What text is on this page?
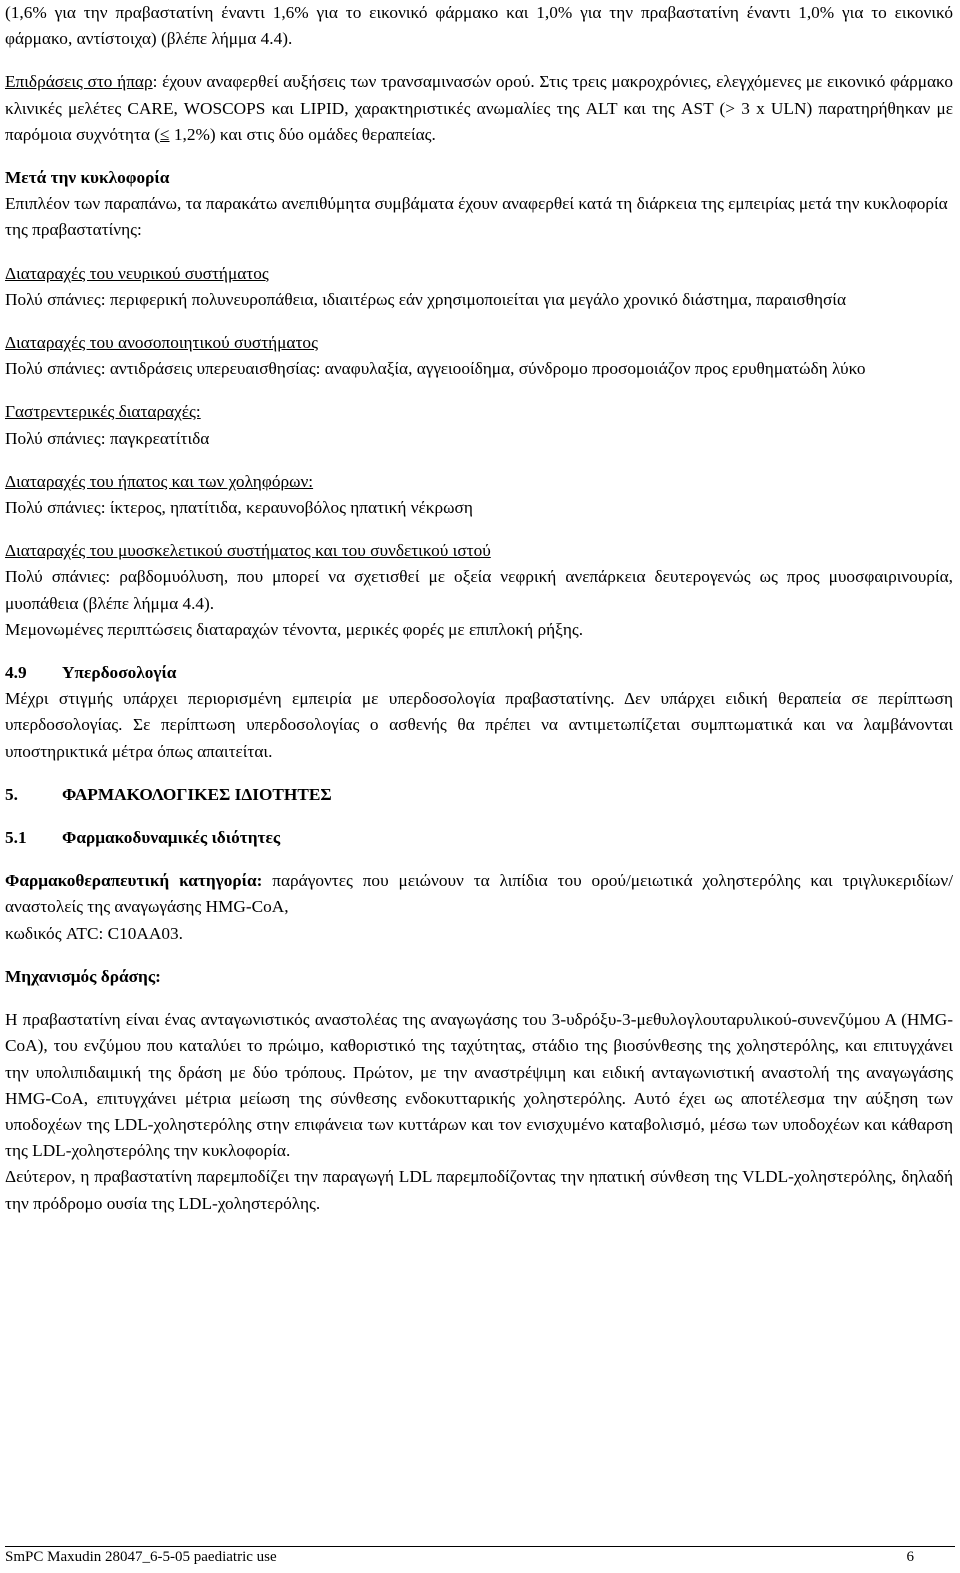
(1,6% για την πραβαστατίνη έναντι 1,6% για το εικονικό φάρμακο και 1,0% για την πραβαστατίνη έναντι 1,0% για το εικονικό φάρμακο, αντίστοιχα) (βλέπε λήμμα 4.4).

Επιδράσεις στο ήπαρ: έχουν αναφερθεί αυξήσεις των τρανσαμινασών ορού. Στις τρεις μακροχρόνιες, ελεγχόμενες με εικονικό φάρμακο κλινικές μελέτες CARE, WOSCOPS και LIPID, χαρακτηριστικές ανωμαλίες της ALT και της AST (> 3 x ULN) παρατηρήθηκαν με παρόμοια συχνότητα (≤ 1,2%) και στις δύο ομάδες θεραπείας.

Μετά την κυκλοφορία

Επιπλέον των παραπάνω, τα παρακάτω ανεπιθύμητα συμβάματα έχουν αναφερθεί κατά τη διάρκεια της εμπειρίας μετά την κυκλοφορία της πραβαστατίνης:

Διαταραχές του νευρικού συστήματος

Πολύ σπάνιες: περιφερική πολυνευροπάθεια, ιδιαιτέρως εάν χρησιμοποιείται για μεγάλο χρονικό διάστημα, παραισθησία

Διαταραχές του ανοσοποιητικού συστήματος

Πολύ σπάνιες: αντιδράσεις υπερευαισθησίας: αναφυλαξία, αγγειοοίδημα, σύνδρομο προσομοιάζον προς ερυθηματώδη λύκο

Γαστρεντερικές διαταραχές:

Πολύ σπάνιες: παγκρεατίτιδα

Διαταραχές του ήπατος και των χοληφόρων:

Πολύ σπάνιες: ίκτερος, ηπατίτιδα, κεραυνοβόλος ηπατική νέκρωση

Διαταραχές του μυοσκελετικού συστήματος και του συνδετικού ιστού

Πολύ σπάνιες: ραβδομυόλυση, που μπορεί να σχετισθεί με οξεία νεφρική ανεπάρκεια δευτερογενώς ως προς μυοσφαιρινουρία, μυοπάθεια (βλέπε λήμμα 4.4).

Μεμονωμένες περιπτώσεις διαταραχών τένοντα, μερικές φορές με επιπλοκή ρήξης.

4.9 Υπερδοσολογία

Μέχρι στιγμής υπάρχει περιορισμένη εμπειρία με υπερδοσολογία πραβαστατίνης. Δεν υπάρχει ειδική θεραπεία σε περίπτωση υπερδοσολογίας. Σε περίπτωση υπερδοσολογίας ο ασθενής θα πρέπει να αντιμετωπίζεται συμπτωματικά και να λαμβάνονται υποστηρικτικά μέτρα όπως απαιτείται.

5.	ΦΑΡΜΑΚΟΛΟΓΙΚΕΣ ΙΔΙΟΤΗΤΕΣ

5.1 Φαρμακοδυναμικές ιδιότητες

Φαρμακοθεραπευτική κατηγορία: παράγοντες που μειώνουν τα λιπίδια του ορού/μειωτικά χοληστερόλης και τριγλυκεριδίων/αναστολείς της αναγωγάσης HMG-CoA,

κωδικός ATC: C10AA03.

Μηχανισμός δράσης:

Η πραβαστατίνη είναι ένας ανταγωνιστικός αναστολέας της αναγωγάσης του 3-υδρόξυ-3-μεθυλογλουταρυλικού-συνενζύμου Α (HMG-CoA), του ενζύμου που καταλύει το πρώιμο, καθοριστικό της ταχύτητας, στάδιο της βιοσύνθεσης της χοληστερόλης, και επιτυγχάνει την υπολιπιδαιμική της δράση με δύο τρόπους. Πρώτον, με την αναστρέψιμη και ειδική ανταγωνιστική αναστολή της αναγωγάσης HMG-CoA, επιτυγχάνει μέτρια μείωση της σύνθεσης ενδοκυτταρικής χοληστερόλης. Αυτό έχει ως αποτέλεσμα την αύξηση των υποδοχέων της LDL-χοληστερόλης στην επιφάνεια των κυττάρων και τον ενισχυμένο καταβολισμό, μέσω των υποδοχέων και κάθαρση της LDL-χοληστερόλης την κυκλοφορία.

Δεύτερον, η πραβαστατίνη παρεμποδίζει την παραγωγή LDL παρεμποδίζοντας την ηπατική σύνθεση της VLDL-χοληστερόλης, δηλαδή την πρόδρομο ουσία της LDL-χοληστερόλης.

SmPC Maxudin 28047_6-5-05 paediatric use	6
